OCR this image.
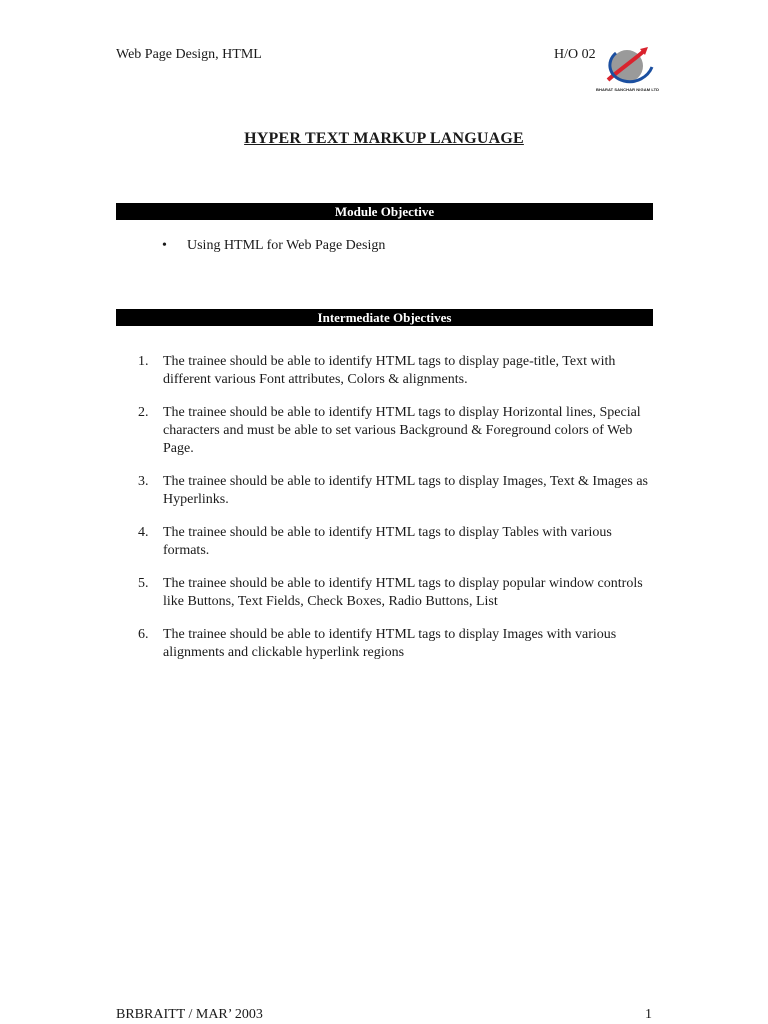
Web Page Design, HTML	H/O 02
BHARAT SANCHAR NIGAM LTD
HYPER TEXT MARKUP LANGUAGE
Module Objective
• Using HTML for Web Page Design
Intermediate Objectives
1. The trainee should be able to identify HTML tags to display page-title, Text with different various Font attributes, Colors & alignments.
2. The trainee should be able to identify HTML tags to display Horizontal lines, Special characters and must be able to set various Background & Foreground colors of Web Page.
3. The trainee should be able to identify HTML tags to display Images, Text & Images as Hyperlinks.
4. The trainee should be able to identify HTML tags to display Tables with various formats.
5. The trainee should be able to identify HTML tags to display popular window controls like Buttons, Text Fields, Check Boxes, Radio Buttons, List
6. The trainee should be able to identify HTML tags to display Images with various alignments and clickable hyperlink regions
BRBRAITT / MAR’ 2003	1
